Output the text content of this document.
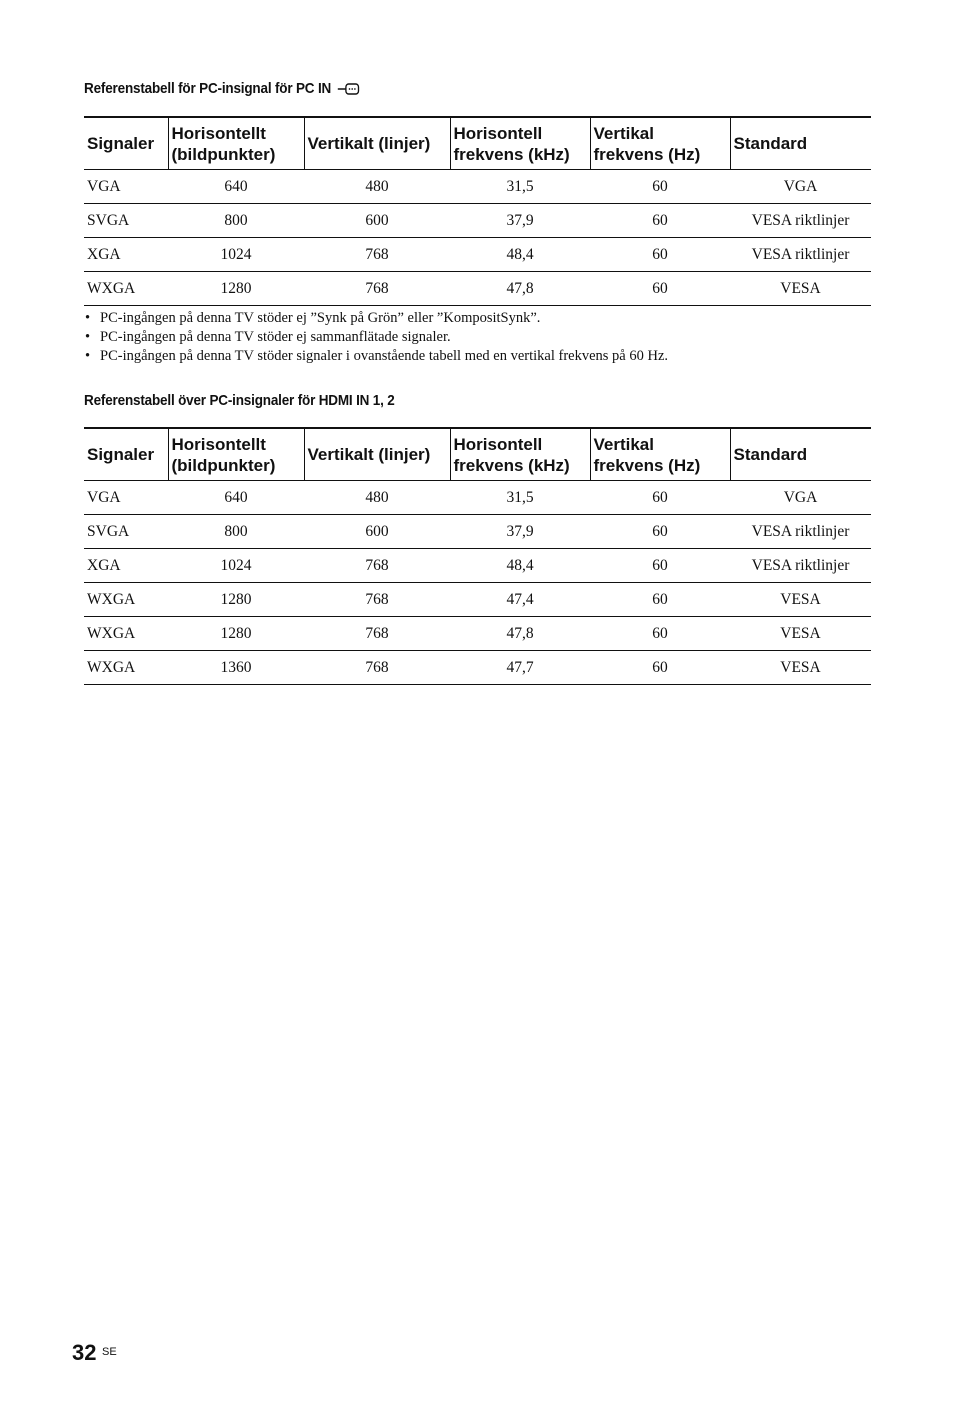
Referenstabell för PC-insignal för PC IN
Signaler	Horisontellt (bildpunkter)	Vertikalt (linjer)	Horisontell frekvens (kHz)	Vertikal frekvens (Hz)	Standard
VGA	640	480	31,5	60	VGA
SVGA	800	600	37,9	60	VESA riktlinjer
XGA	1024	768	48,4	60	VESA riktlinjer
WXGA	1280	768	47,8	60	VESA
• PC-ingången på denna TV stöder ej ”Synk på Grön” eller ”KompositSynk”.
• PC-ingången på denna TV stöder ej sammanflätade signaler.
• PC-ingången på denna TV stöder signaler i ovanstående tabell med en vertikal frekvens på 60 Hz.
Referenstabell över PC-insignaler för HDMI IN 1, 2
Signaler	Horisontellt (bildpunkter)	Vertikalt (linjer)	Horisontell frekvens (kHz)	Vertikal frekvens (Hz)	Standard
VGA	640	480	31,5	60	VGA
SVGA	800	600	37,9	60	VESA riktlinjer
XGA	1024	768	48,4	60	VESA riktlinjer
WXGA	1280	768	47,4	60	VESA
WXGA	1280	768	47,8	60	VESA
WXGA	1360	768	47,7	60	VESA
32 SE
